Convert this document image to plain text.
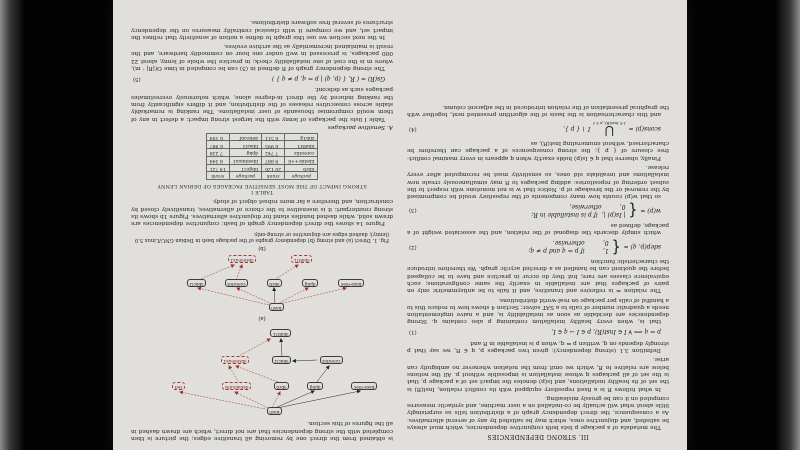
III. STRONG DEPENDENCIES

The metadata of a package p lists both conjunctive dependencies, which must always be satisfied, and disjunctive ones, which may be satisfied by any of several alternatives. As a consequence, the direct dependency graph of a distribution tells us surprisingly little about what will actually be co-installed on a user machine, and syntactic measures computed on it can be grossly misleading.

In what follows R is a fixed repository equipped with its conflict relation, Inst(R) is the set of its healthy installations, and Is(p) denotes the impact set of a package p, that is the set of all packages q whose installation is impossible without p. All the notions below are relative to R, which we omit from the notation whenever no ambiguity can arise.

Definition 3.1 (strong dependency): given two packages p, q ∈ R, we say that p strongly depends on q, written p ⇒ q, when p is installable in R and

p ⇒ q ⟺ ∀ I ∈ Inst(R), p ∈ I → q ∈ I,
(1)

that is, when every healthy installation containing p also contains q. Strong dependencies are decidable as soon as installability is, and a naive implementation needs a quadratic number of calls to a SAT solver; Section 4 shows how to reduce this to a handful of calls per package on real-world distributions.

The relation ⇒ is reflexive and transitive, and it fails to be antisymmetric only on pairs of packages that are installable in exactly the same configurations; such equivalence classes are rare, but they do occur in practice and have to be collapsed before the quotient can be handled as a directed acyclic graph. We therefore introduce the characteristic function

sdep(p, q) =
{
1,
if p ⇒ q and p ≠ q;
0,
otherwise.
(2)

which simply discards the diagonal of the relation, and the associated weight of a package, defined as

w(p) =
{
| Is(p) |,
if p is installable in R;
0,
otherwise,
(3)

so that w(p) counts how many components of the repository would be compromised by the removal or the breakage of p. Notice that w is not monotone with respect to the subset ordering of repositories: adding packages to R may simultaneously create new installations and invalidate old ones, so sensitivity must be recomputed after every release.

Finally, observe that q ∈ Is(p) holds exactly when q appears in every maximal conflict-free closure of { p }; the strong consequences of a package can therefore be characterised, without enumerating Inst(R), as

scons(p) =
⋃
I ∈ Inst(R), p ∈ I
I ∖ { p },
(4)

and this characterisation is the basis of the algorithm presented next, together with the graphical presentation of the relation introduced in the adjacent column.

is obtained from the direct one by removing all transitive edges; the picture is then completed with the strong dependencies that are not direct, which are drawn dashed in all the figures of this section.

bash
base-files
dpkg
libc6
debianutils
sed
coreutils
libacl1
libselinux1
libattr1
(a)
bash
base-files
dpkg
libc6
coreutils
libacl1
libattr1
libselinux1
(b)
Fig. 1. Direct (a) and strong (b) dependency graphs of the package bash in Debian GNU/Linux 5.0 (lenny); dashed edges are disjunctive or strong-only.

Figure 1a shows the direct dependency graph of bash: conjunctive dependencies are drawn solid, while dashed bundles stand for disjunctive alternatives. Figure 1b shows its strong counterpart: it is insensitive to the choice of alternatives, transitively closed by construction, and therefore a far more robust object of study.

TABLE I
STRONG IMPACT OF THE MOST SENSITIVE PACKAGES OF DEBIAN LENNY
package	srank	package	srank
libc6	20 126	libgcc1	14 721
libstdc++6	9 887	libselinux1	8 344
coreutils	7 742	dpkg	7 238
libattr1	6 995	libacl1	6 987
zlib1g	6 511	debconf	6 104
A. Sensitive packages

Table I lists the packages of lenny with the largest strong impact: a defect in any of them would compromise thousands of user installations. The ranking is remarkably stable across consecutive releases of the distribution, and it differs significantly from the ranking induced by the direct in-degree alone, which notoriously overestimates packages such as debconf.

Gs(R) = ( R, { (p, q) | p ⇒ q, p ≠ q } )
(5)

The strong dependency graph of R defined in (5) can be computed in time O(|R| · m), where m is the cost of one installability check; in practice the whole of lenny, about 22 000 packages, is processed in well under one hour on commodity hardware, and the result is maintained incrementally as the archive evolves.

In the next section we use this graph to define a notion of sensitivity that refines the impact set, and we compare it with classical centrality measures on the dependency structures of several free software distributions.
